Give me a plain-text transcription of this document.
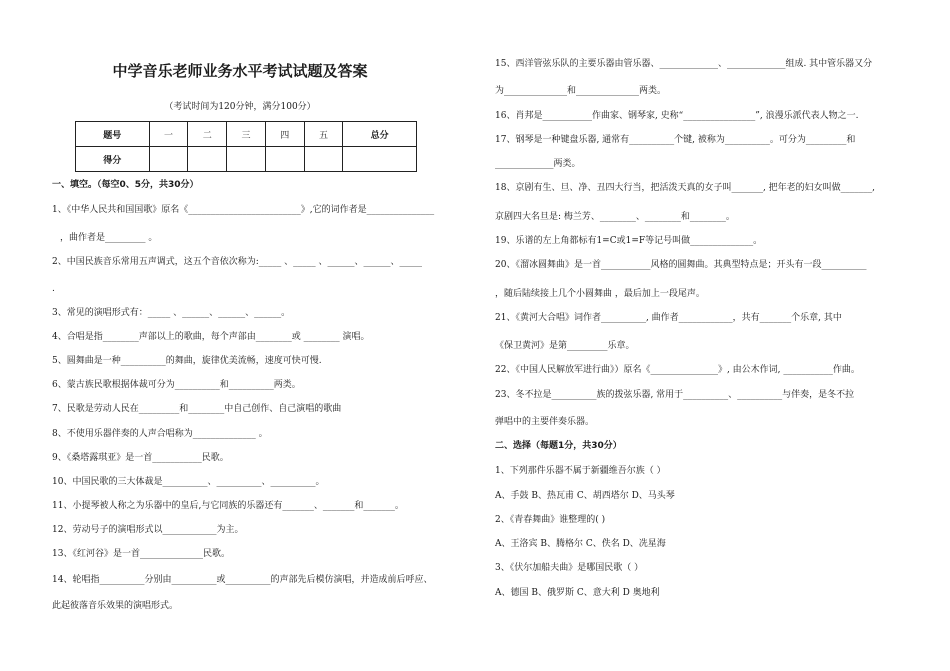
中学音乐老师业务水平考试试题及答案
（考试时间为120分钟，满分100分）
题号	一	二	三	四	五	总分
得分						
一、填空。（每空0、5分，共30分）
1、《中华人民共和国国歌》原名《_________________________》,它的词作者是_______________
，曲作者是_________ 。
2、中国民族音乐常用五声调式，这五个音依次称为:_____ 、_____ 、______、______、_____
.
3、常见的演唱形式有：_____ 、______、______、______。
4、合唱是指________声部以上的歌曲，每个声部由________或 ________ 演唱。
5、圆舞曲是一种__________的舞曲，旋律优美流畅，速度可快可慢.
6、蒙古族民歌根据体裁可分为__________和__________两类。
7、民歌是劳动人民在_________和________中自己创作、自己演唱的歌曲
8、不使用乐器伴奏的人声合唱称为______________ 。
9、《桑塔露琪亚》是一首___________民歌。
10、中国民歌的三大体裁是__________、__________、__________。
11、小提琴被人称之为乐器中的皇后,与它同族的乐器还有_______、_______和_______。
12、劳动号子的演唱形式以____________为主。
13、《红河谷》是一首______________民歌。
14、轮唱指__________分别由__________或__________的声部先后模仿演唱，并造成前后呼应、
此起彼落音乐效果的演唱形式。
15、西洋管弦乐队的主要乐器由管乐器、_____________、_____________组成. 其中管乐器又分
为______________和______________两类。
16、肖邦是___________作曲家、钢琴家, 史称“________________”, 浪漫乐派代表人物之一.
17、钢琴是一种键盘乐器, 通常有__________个键, 被称为__________。可分为_________和
_____________两类。
18、京剧有生、旦、净、丑四大行当，把活泼天真的女子叫_______, 把年老的妇女叫做_______,
京剧四大名旦是: 梅兰芳、________、________和________。
19、乐谱的左上角都标有1=C或1=F等记号叫做______________。
20、《溜冰圆舞曲》是一首___________风格的圆舞曲。其典型特点是；开头有一段__________
，随后陆续接上几个小圆舞曲 ，最后加上一段尾声。
21、《黄河大合唱》词作者__________, 曲作者____________，共有_______个乐章, 其中
《保卫黄河》是第_________乐章。
22、《中国人民解放军进行曲》）原名《_______________》, 由公木作词, ___________作曲。
23、冬不拉是__________族的拨弦乐器, 常用于__________、__________与伴奏，是冬不拉
弹唱中的主要伴奏乐器。
二、选择（每题1分，共30分）
1、下列那件乐器不属于新疆维吾尔族（ ）
A、手鼓 B、热瓦甫 C、胡西塔尔 D、马头琴
2、《青春舞曲》谁整理的( )
A、王洛宾 B、腾格尔 C、佚名 D、冼星海
3、《伏尔加船夫曲》是哪国民歌（ ）
A、德国 B、俄罗斯 C、意大利 D 奥地利
